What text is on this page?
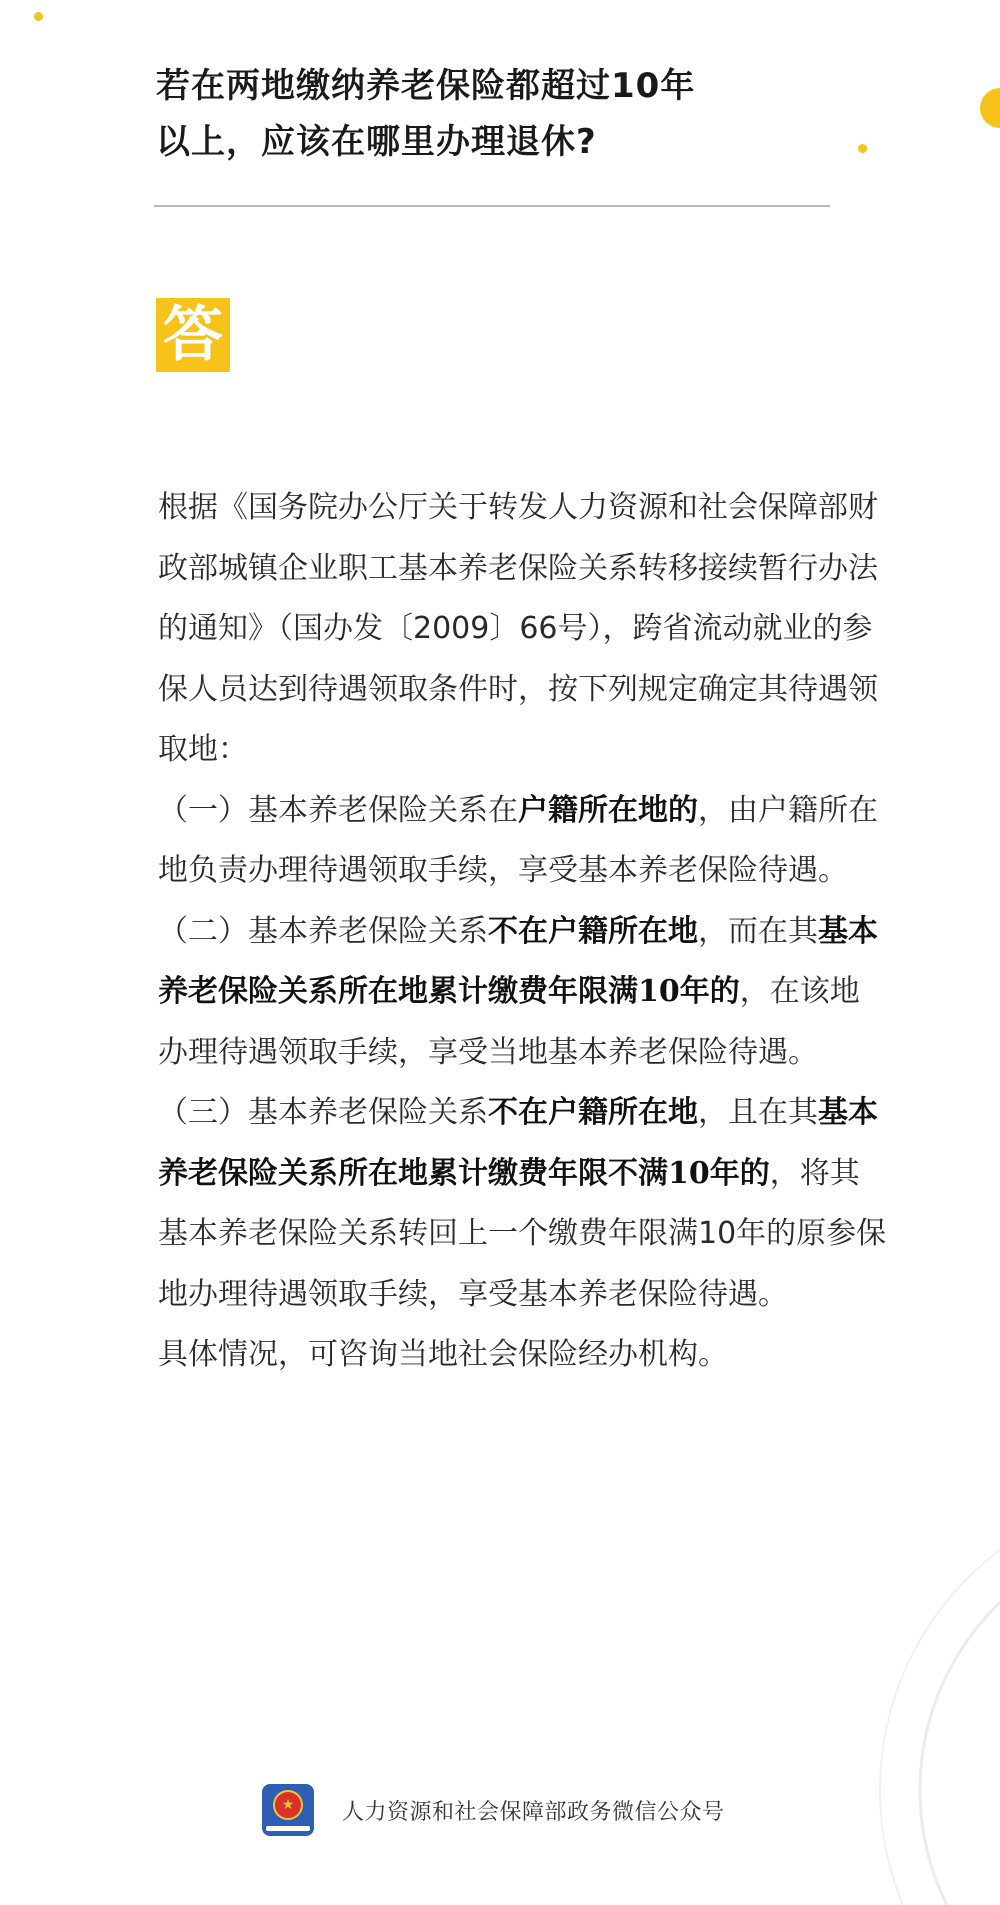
若在两地缴纳养老保险都超过10年
以上，应该在哪里办理退休?
答

根据《国务院办公厅关于转发人力资源和社会保障部财政部城镇企业职工基本养老保险关系转移接续暂行办法的通知》（国办发〔2009〕66号），跨省流动就业的参保人员达到待遇领取条件时，按下列规定确定其待遇领取地：

（一）基本养老保险关系在户籍所在地的，由户籍所在地负责办理待遇领取手续，享受基本养老保险待遇。

（二）基本养老保险关系不在户籍所在地，而在其基本养老保险关系所在地累计缴费年限满10年的，在该地办理待遇领取手续，享受当地基本养老保险待遇。

（三）基本养老保险关系不在户籍所在地，且在其基本养老保险关系所在地累计缴费年限不满10年的，将其基本养老保险关系转回上一个缴费年限满10年的原参保地办理待遇领取手续，享受基本养老保险待遇。

具体情况，可咨询当地社会保险经办机构。

★	人力资源和社会保障部政务微信公众号
